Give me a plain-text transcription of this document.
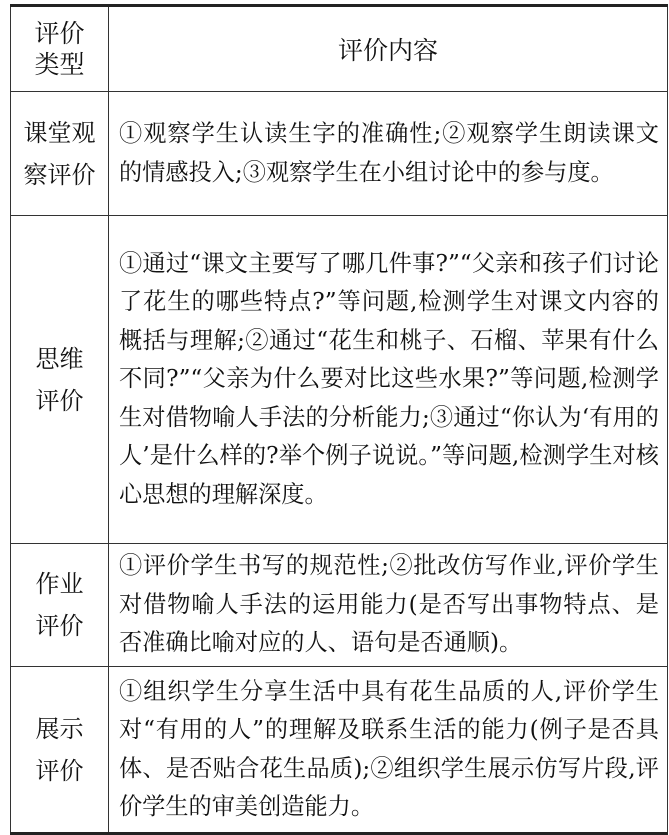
评价
类型	评价内容

课堂观
察评价	①观察学生认读生字的准确性;②观察学生朗读课文的情感投入;③观察学生在小组讨论中的参与度。

思维
评价	①通过“课文主要写了哪几件事?”“父亲和孩子们讨论了花生的哪些特点?”等问题,检测学生对课文内容的概括与理解;②通过“花生和桃子、石榴、苹果有什么不同?”“父亲为什么要对比这些水果?”等问题,检测学生对借物喻人手法的分析能力;③通过“你认为‘有用的人’是什么样的?举个例子说说。”等问题,检测学生对核心思想的理解深度。

作业
评价	①评价学生书写的规范性;②批改仿写作业,评价学生对借物喻人手法的运用能力(是否写出事物特点、是否准确比喻对应的人、语句是否通顺)。

展示
评价	①组织学生分享生活中具有花生品质的人,评价学生对“有用的人”的理解及联系生活的能力(例子是否具体、是否贴合花生品质);②组织学生展示仿写片段,评价学生的审美创造能力。
